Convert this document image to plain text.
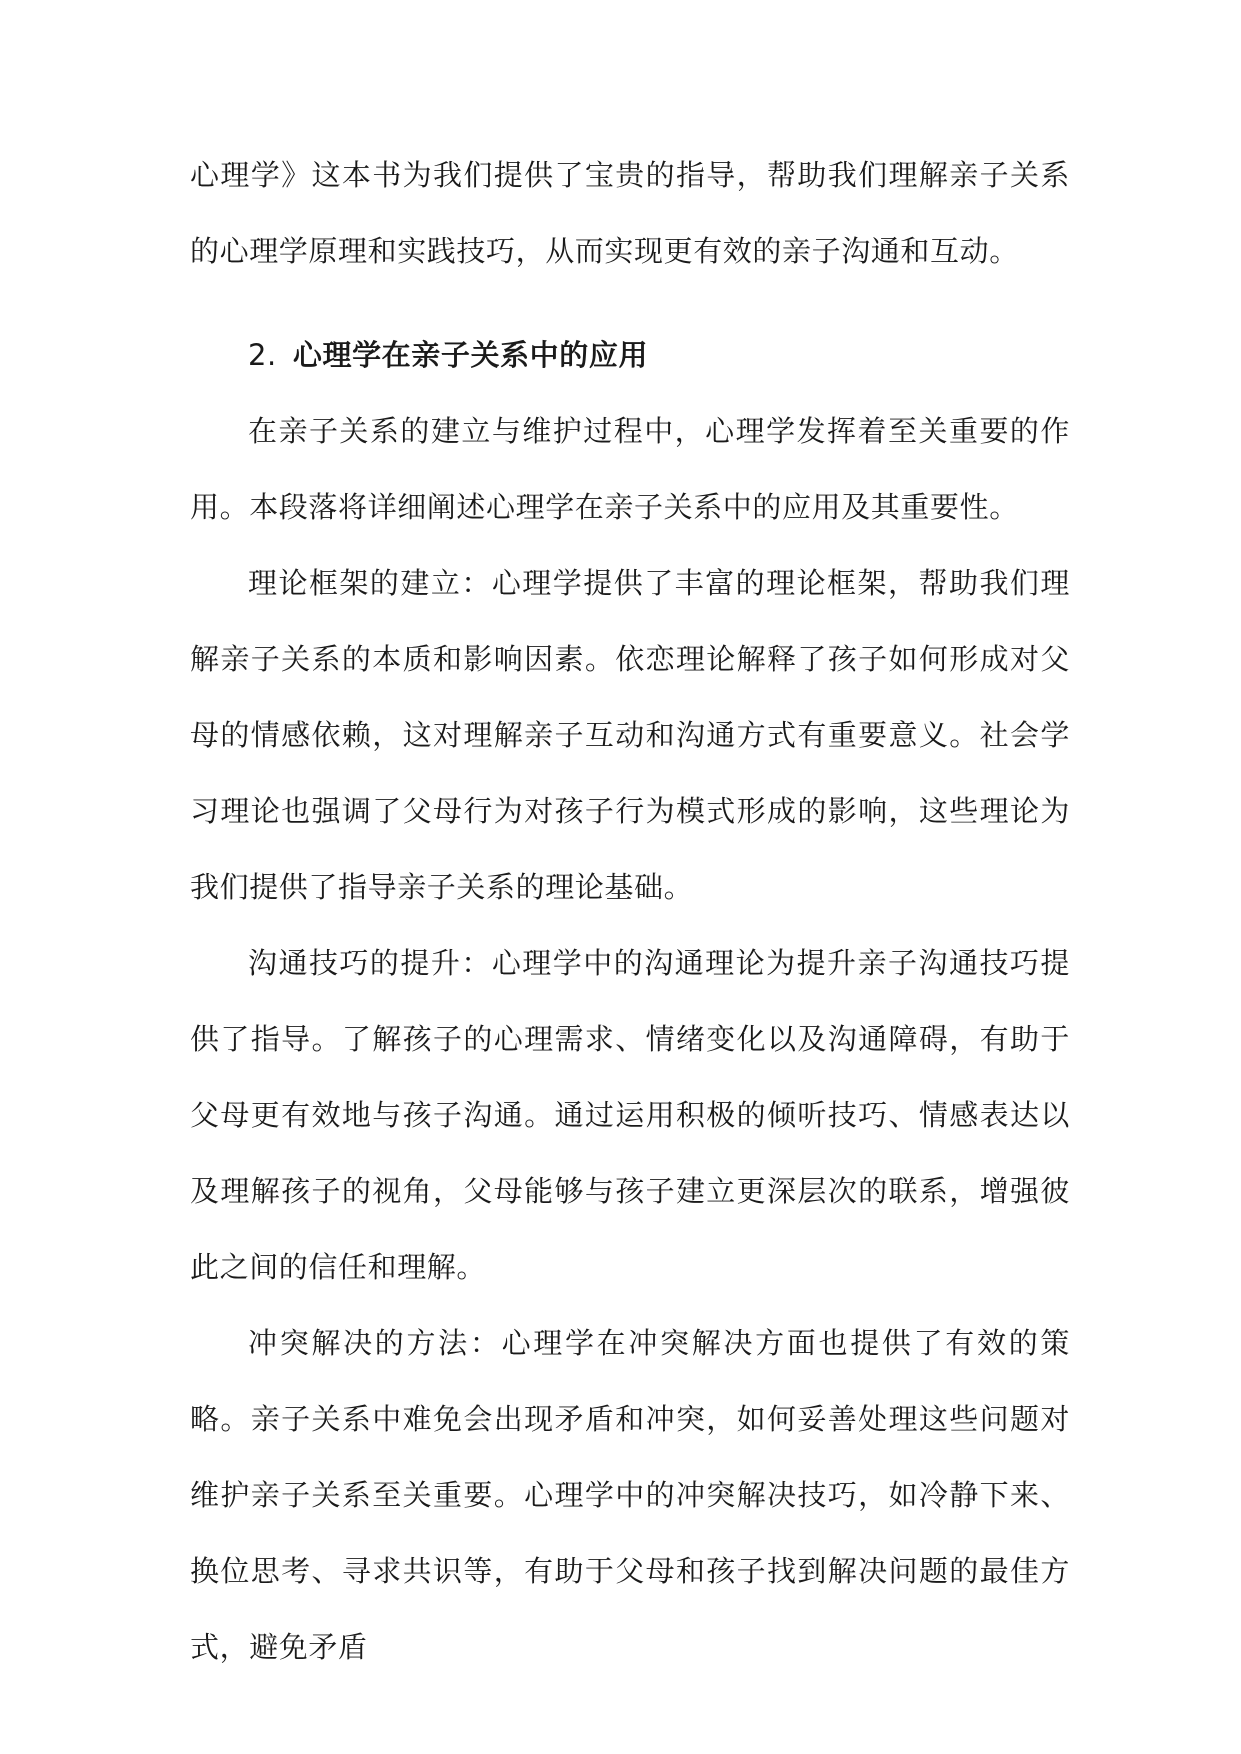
心理学》这本书为我们提供了宝贵的指导，帮助我们理解亲子关系的心理学原理和实践技巧，从而实现更有效的亲子沟通和互动。

2. 心理学在亲子关系中的应用

在亲子关系的建立与维护过程中，心理学发挥着至关重要的作用。本段落将详细阐述心理学在亲子关系中的应用及其重要性。

理论框架的建立：心理学提供了丰富的理论框架，帮助我们理解亲子关系的本质和影响因素。依恋理论解释了孩子如何形成对父母的情感依赖，这对理解亲子互动和沟通方式有重要意义。社会学习理论也强调了父母行为对孩子行为模式形成的影响，这些理论为我们提供了指导亲子关系的理论基础。

沟通技巧的提升：心理学中的沟通理论为提升亲子沟通技巧提供了指导。了解孩子的心理需求、情绪变化以及沟通障碍，有助于父母更有效地与孩子沟通。通过运用积极的倾听技巧、情感表达以及理解孩子的视角，父母能够与孩子建立更深层次的联系，增强彼此之间的信任和理解。

冲突解决的方法：心理学在冲突解决方面也提供了有效的策略。亲子关系中难免会出现矛盾和冲突，如何妥善处理这些问题对维护亲子关系至关重要。心理学中的冲突解决技巧，如冷静下来、换位思考、寻求共识等，有助于父母和孩子找到解决问题的最佳方式，避免矛盾
